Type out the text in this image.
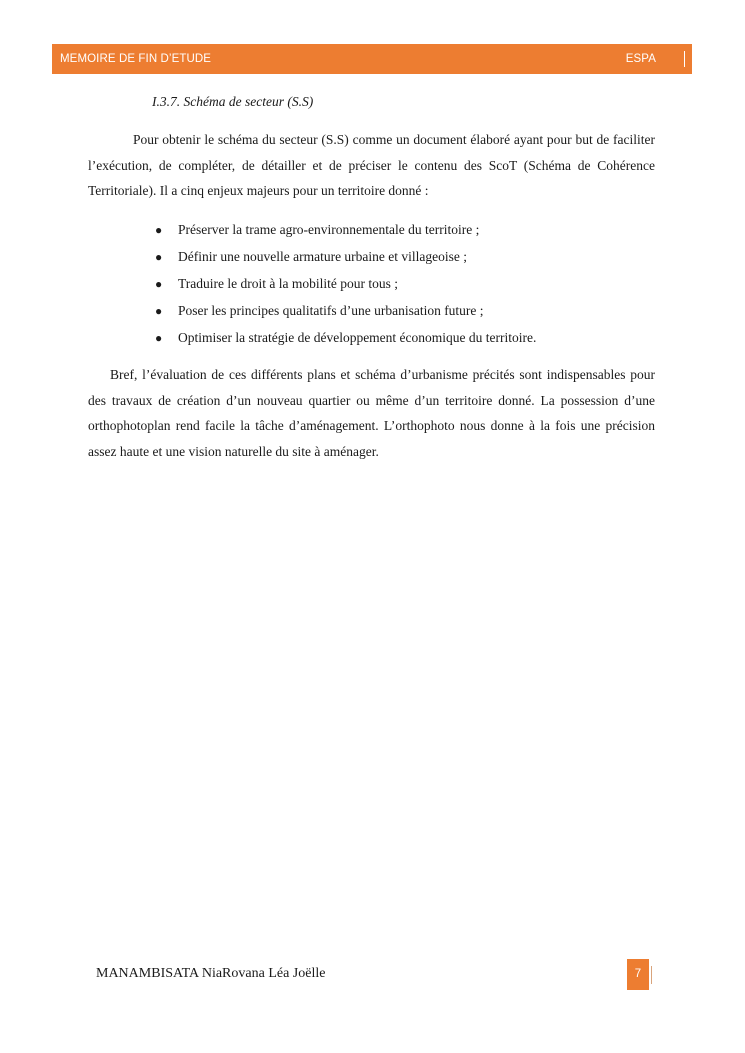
MEMOIRE DE FIN D’ETUDE	ESPA
I.3.7. Schéma de secteur (S.S)

Pour obtenir le schéma du secteur (S.S) comme un document élaboré ayant pour but de faciliter l’exécution, de compléter, de détailler et de préciser le contenu des ScoT (Schéma de Cohérence Territoriale). Il a cinq enjeux majeurs pour un territoire donné :

● Préserver la trame agro-environnementale du territoire ;
● Définir une nouvelle armature urbaine et villageoise ;
● Traduire le droit à la mobilité pour tous ;
● Poser les principes qualitatifs d’une urbanisation future ;
● Optimiser la stratégie de développement économique du territoire.

Bref, l’évaluation de ces différents plans et schéma d’urbanisme précités sont indispensables pour des travaux de création d’un nouveau quartier ou même d’un territoire donné. La possession d’une orthophotoplan rend facile la tâche d’aménagement. L’orthophoto nous donne à la fois une précision assez haute et une vision naturelle du site à aménager.

MANAMBISATA NiaRovana Léa Joëlle	7
